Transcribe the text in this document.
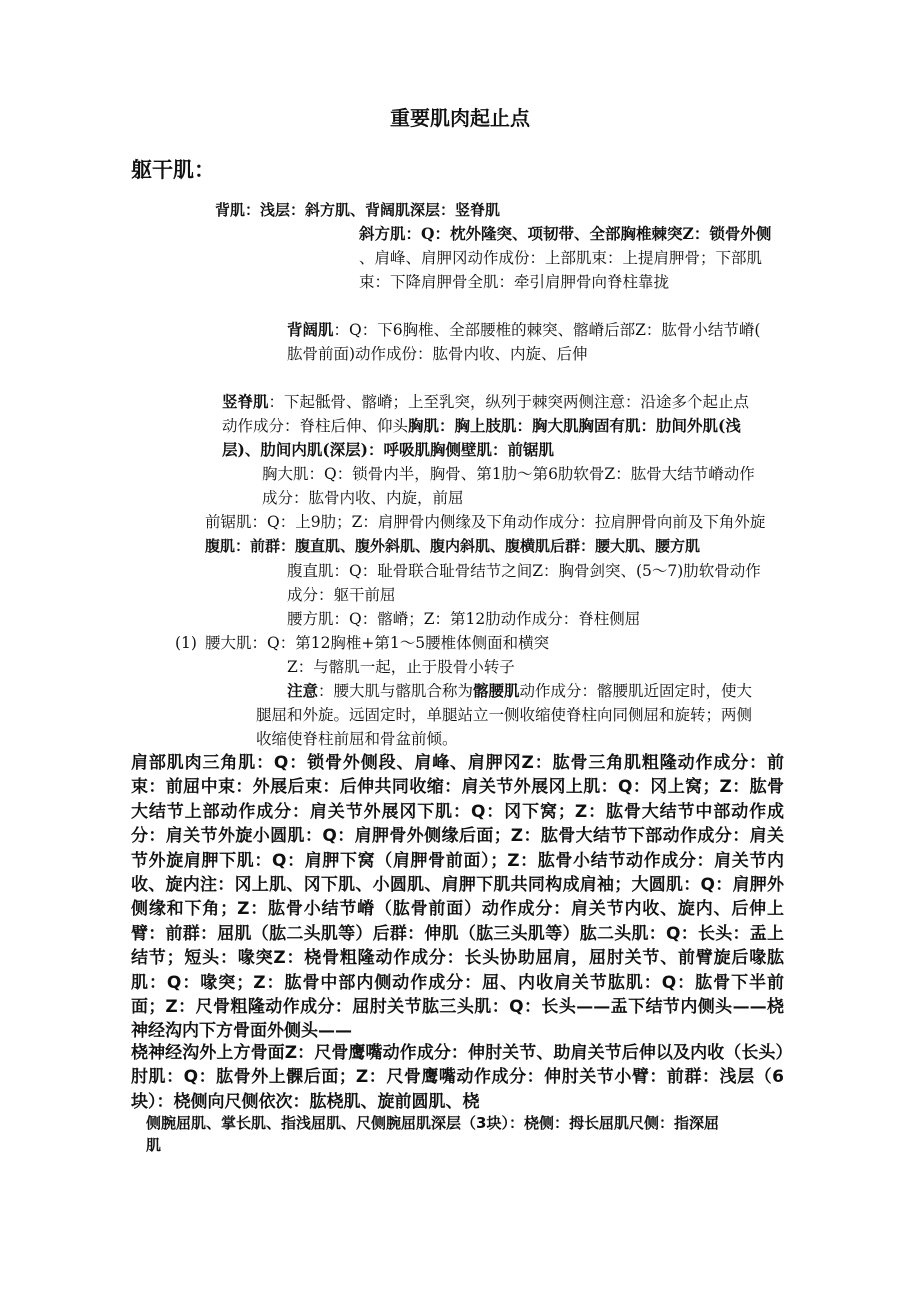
重要肌肉起止点
躯干肌：
背肌：浅层：斜方肌、背阔肌深层：竖脊肌
斜方肌：Q：枕外隆突、项韧带、全部胸椎棘突Z：锁骨外侧
、肩峰、肩胛冈动作成份：上部肌束：上提肩胛骨；下部肌
束：下降肩胛骨全肌：牵引肩胛骨向脊柱靠拢
背阔肌：Q：下6胸椎、全部腰椎的棘突、髂嵴后部Z：肱骨小结节嵴(
肱骨前面)动作成份：肱骨内收、内旋、后伸
竖脊肌：下起骶骨、髂嵴；上至乳突，纵列于棘突两侧注意：沿途多个起止点
动作成分：脊柱后伸、仰头胸肌：胸上肢肌：胸大肌胸固有肌：肋间外肌(浅
层)、肋间内肌(深层)：呼吸肌胸侧壁肌：前锯肌
胸大肌：Q：锁骨内半，胸骨、第1肋～第6肋软骨Z：肱骨大结节嵴动作
成分：肱骨内收、内旋，前屈
前锯肌：Q：上9肋；Z：肩胛骨内侧缘及下角动作成分：拉肩胛骨向前及下角外旋
腹肌：前群：腹直肌、腹外斜肌、腹内斜肌、腹横肌后群：腰大肌、腰方肌
腹直肌：Q：耻骨联合耻骨结节之间Z：胸骨剑突、(5～7)肋软骨动作
成分：躯干前屈
腰方肌：Q：髂嵴；Z：第12肋动作成分：脊柱侧屈
(1) 腰大肌：Q：第12胸椎+第1～5腰椎体侧面和横突
Z：与髂肌一起，止于股骨小转子
注意：腰大肌与髂肌合称为髂腰肌动作成分：髂腰肌近固定时，使大
腿屈和外旋。远固定时，单腿站立一侧收缩使脊柱向同侧屈和旋转；两侧
收缩使脊柱前屈和骨盆前倾。
肩部肌肉三角肌：Q：锁骨外侧段、肩峰、肩胛冈Z：肱骨三角肌粗隆动作成分：前束：前屈中束：外展后束：后伸共同收缩：肩关节外展冈上肌：Q：冈上窝；Z：肱骨大结节上部动作成分：肩关节外展冈下肌：Q：冈下窝；Z：肱骨大结节中部动作成分：肩关节外旋小圆肌：Q：肩胛骨外侧缘后面；Z：肱骨大结节下部动作成分：肩关节外旋肩胛下肌：Q：肩胛下窝（肩胛骨前面）；Z：肱骨小结节动作成分：肩关节内收、旋内注：冈上肌、冈下肌、小圆肌、肩胛下肌共同构成肩袖；大圆肌：Q：肩胛外侧缘和下角；Z：肱骨小结节嵴（肱骨前面）动作成分：肩关节内收、旋内、后伸上臂：前群：屈肌（肱二头肌等）后群：伸肌（肱三头肌等）肱二头肌：Q：长头：盂上结节；短头：喙突Z：桡骨粗隆动作成分：长头协助屈肩，屈肘关节、前臂旋后喙肱肌：Q：喙突；Z：肱骨中部内侧动作成分：屈、内收肩关节肱肌：Q：肱骨下半前面；Z：尺骨粗隆动作成分：屈肘关节肱三头肌：Q：长头——盂下结节内侧头——桡神经沟内下方骨面外侧头——
桡神经沟外上方骨面Z：尺骨鹰嘴动作成分：伸肘关节、助肩关节后伸以及内收（长头）肘肌：Q：肱骨外上髁后面；Z：尺骨鹰嘴动作成分：伸肘关节小臂：前群：浅层（6块）：桡侧向尺侧依次：肱桡肌、旋前圆肌、桡
侧腕屈肌、掌长肌、指浅屈肌、尺侧腕屈肌深层（3块）：桡侧：拇长屈肌尺侧：指深屈
肌
